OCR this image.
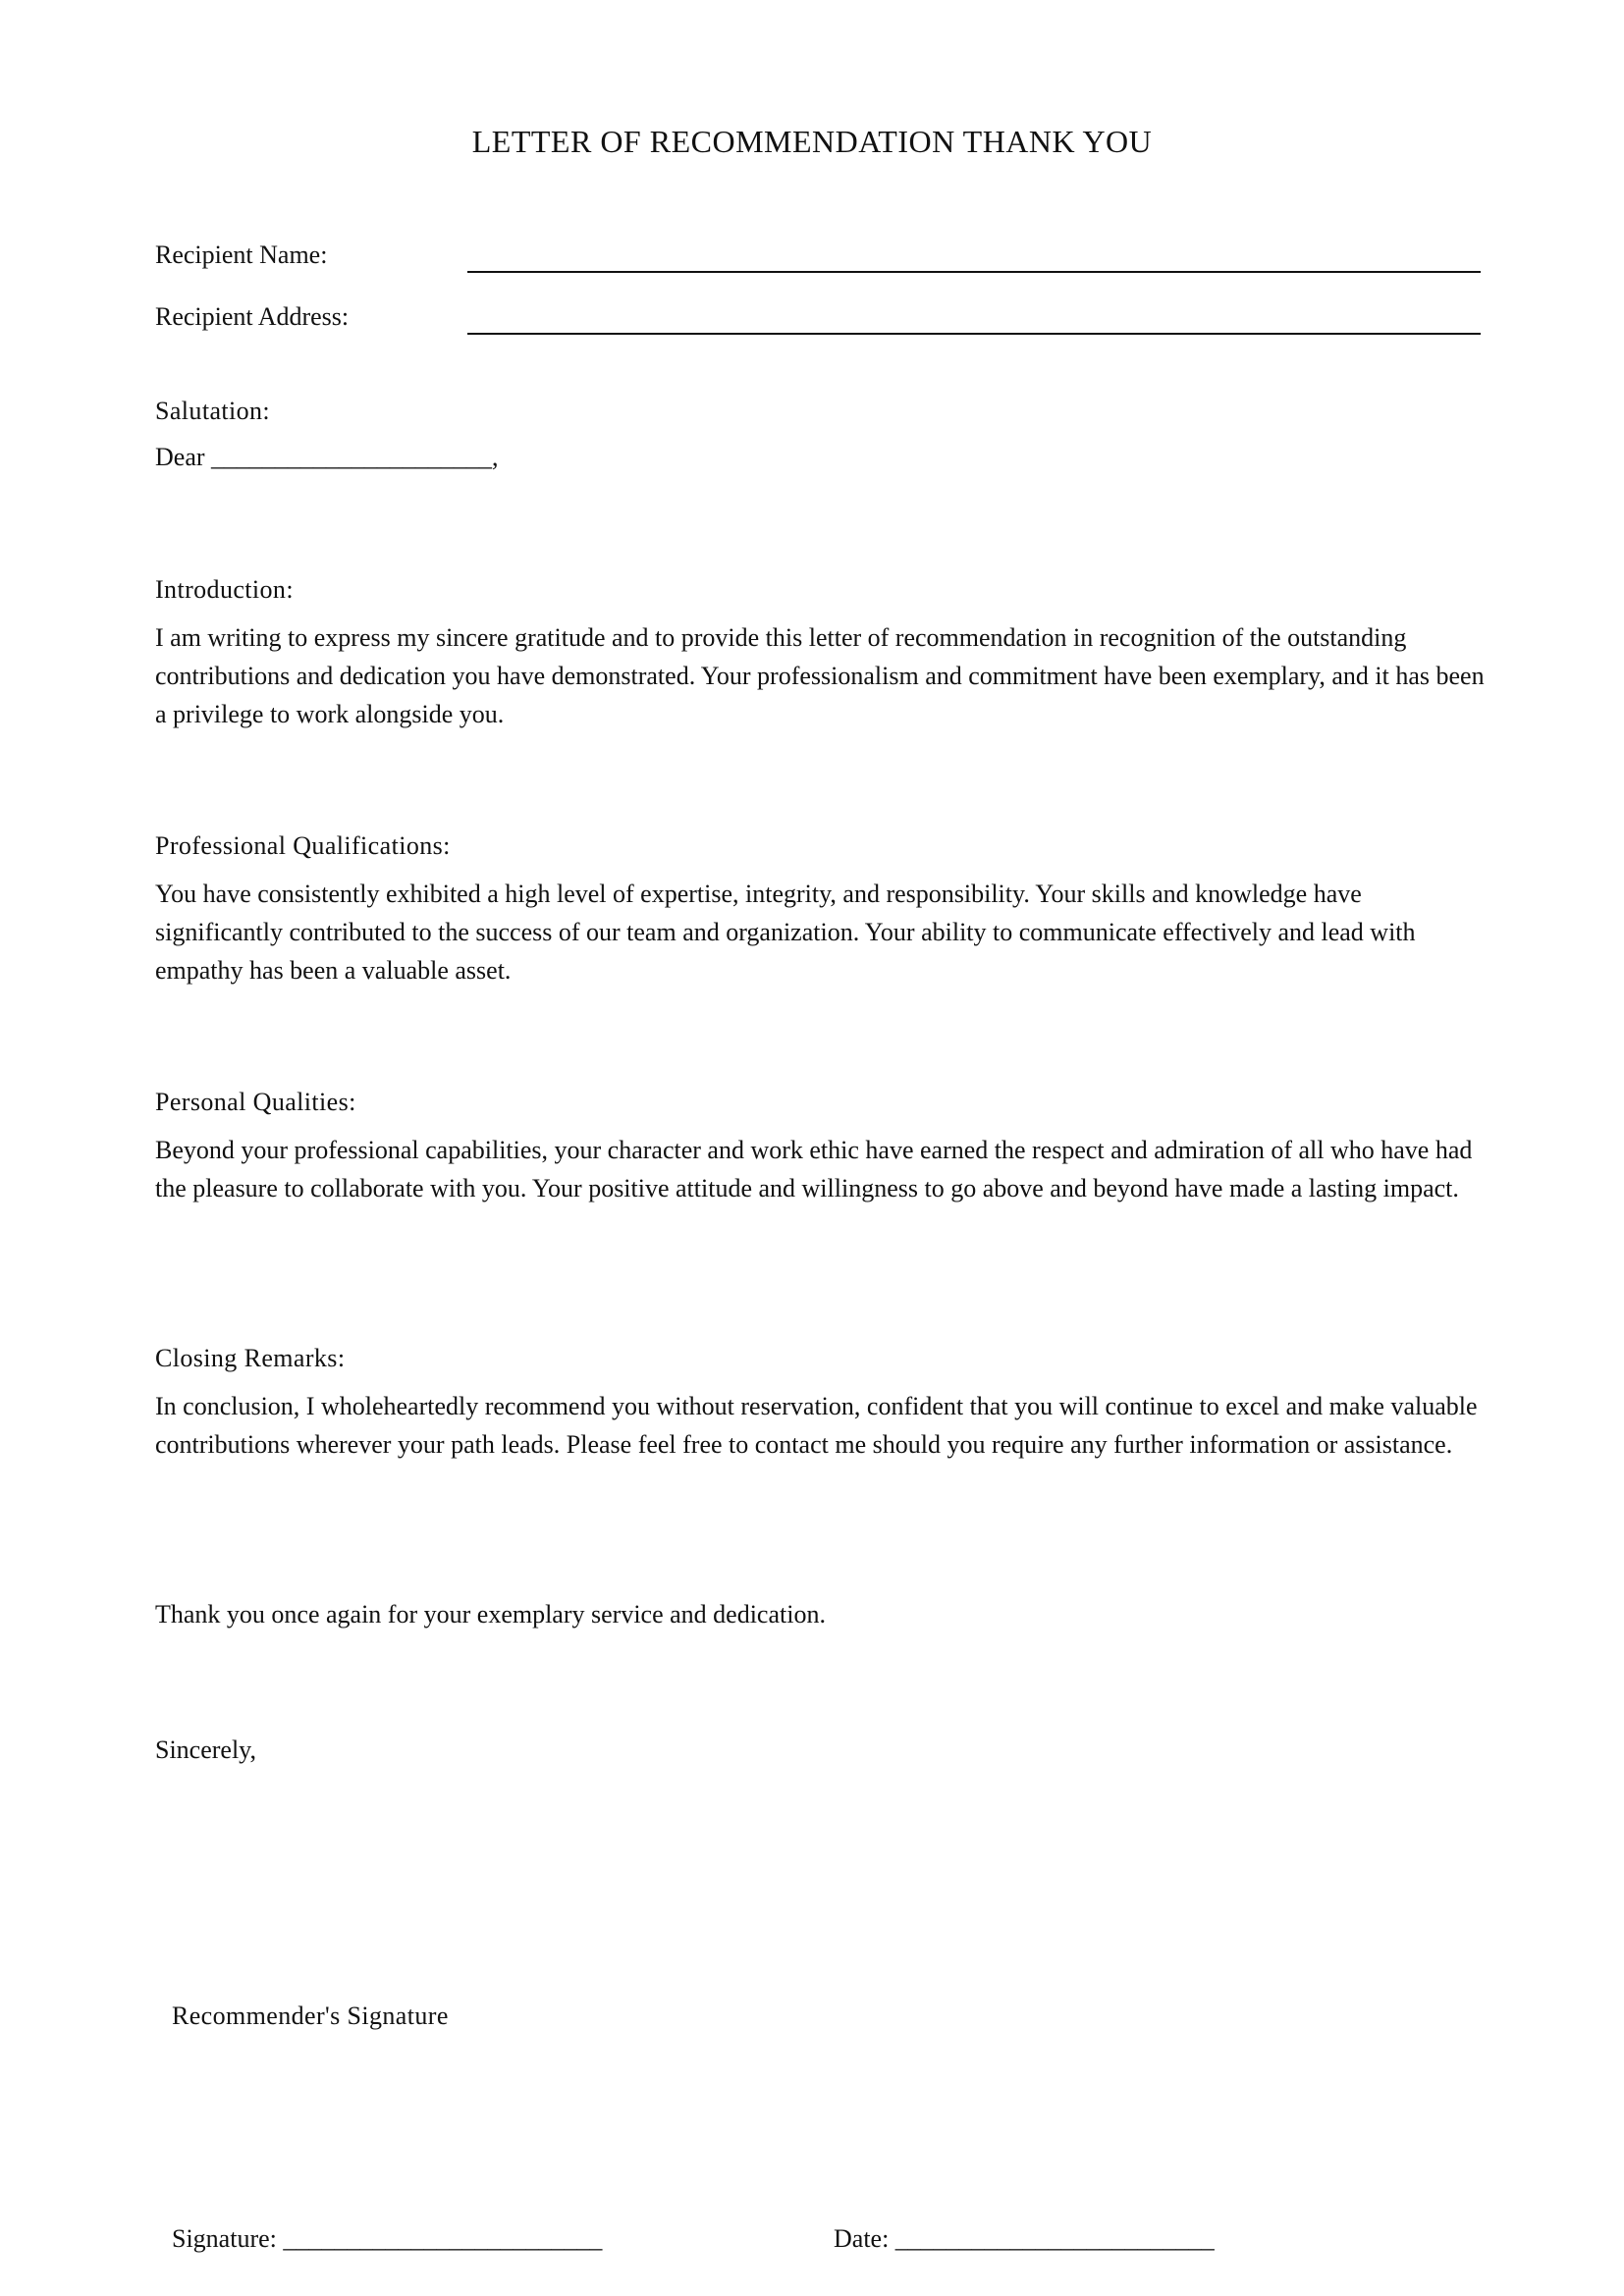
LETTER OF RECOMMENDATION THANK YOU
Recipient Name:
Recipient Address:
Salutation:
Dear ______________________,
Introduction:

I am writing to express my sincere gratitude and to provide this letter of recommendation in recognition of the outstanding contributions and dedication you have demonstrated. Your professionalism and commitment have been exemplary, and it has been a privilege to work alongside you.

Professional Qualifications:

You have consistently exhibited a high level of expertise, integrity, and responsibility. Your skills and knowledge have significantly contributed to the success of our team and organization. Your ability to communicate effectively and lead with empathy has been a valuable asset.

Personal Qualities:

Beyond your professional capabilities, your character and work ethic have earned the respect and admiration of all who have had the pleasure to collaborate with you. Your positive attitude and willingness to go above and beyond have made a lasting impact.

Closing Remarks:

In conclusion, I wholeheartedly recommend you without reservation, confident that you will continue to excel and make valuable contributions wherever your path leads. Please feel free to contact me should you require any further information or assistance.

Thank you once again for your exemplary service and dedication.
Sincerely,
Recommender's Signature
Signature: _________________________	Date: _________________________
